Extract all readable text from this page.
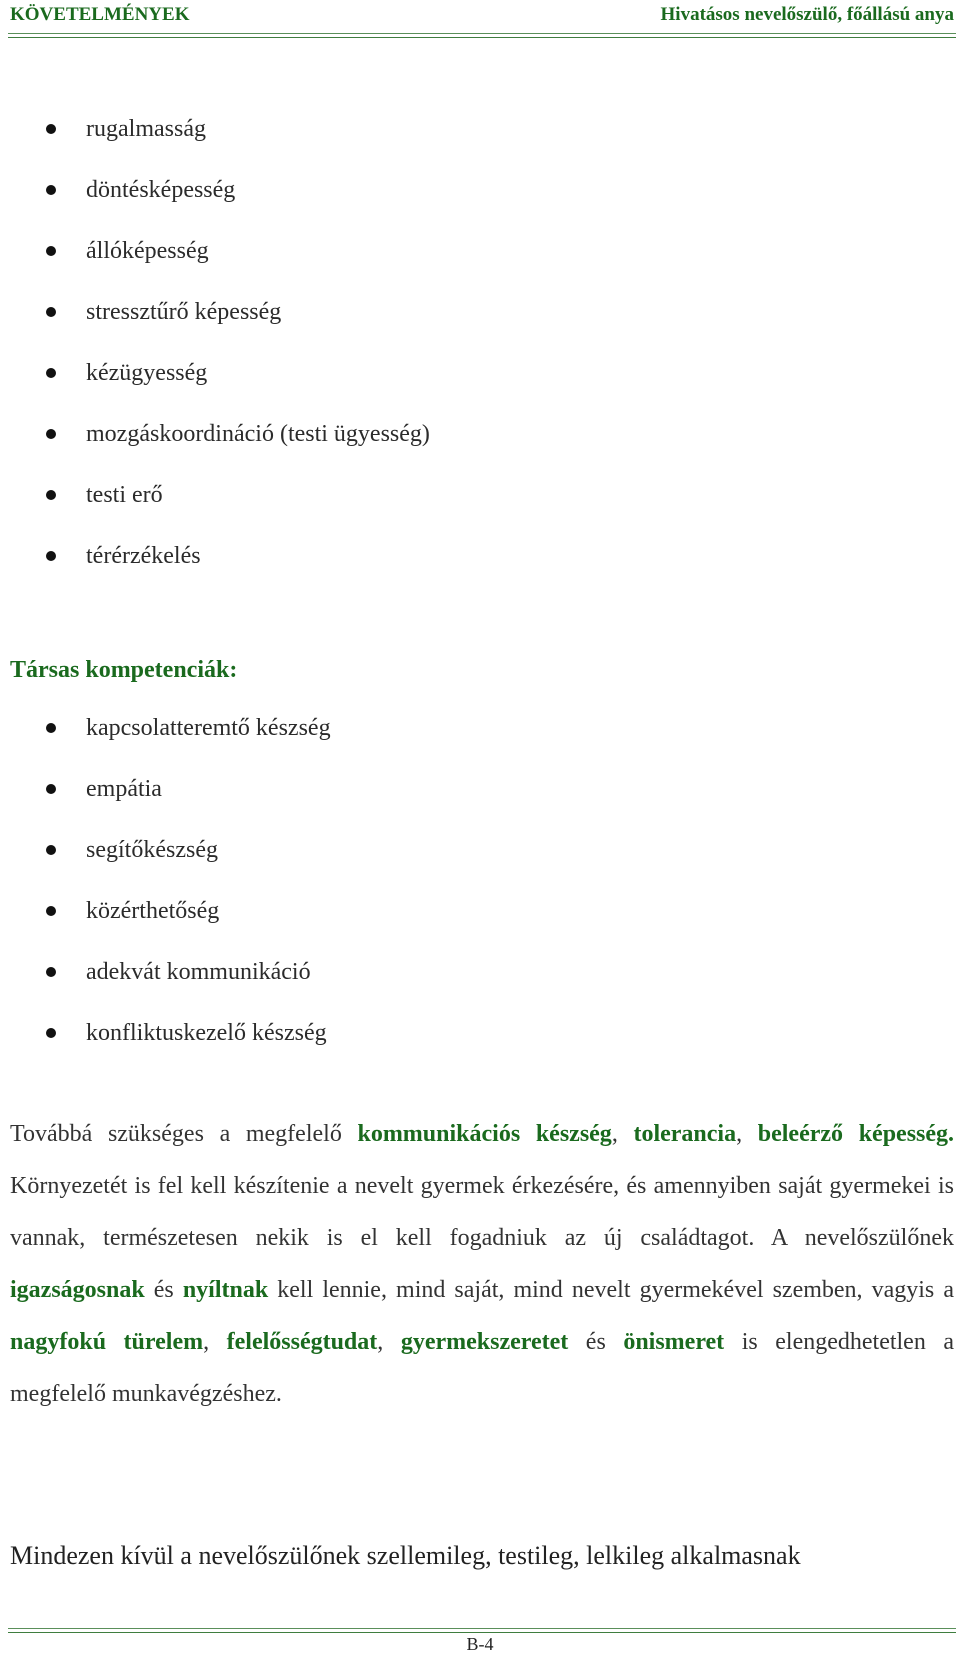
KÖVETELMÉNYEK	Hivatásos nevelőszülő, főállású anya
rugalmasság
döntésképesség
állóképesség
stressztűrő képesség
kézügyesség
mozgáskoordináció (testi ügyesség)
testi erő
térérzékelés
Társas kompetenciák:
kapcsolatteremtő készség
empátia
segítőkészség
közérthetőség
adekvát kommunikáció
konfliktuskezelő készség

Továbbá szükséges a megfelelő kommunikációs készség, tolerancia, beleérző képesség. Környezetét is fel kell készítenie a nevelt gyermek érkezésére, és amennyiben saját gyermekei is vannak, természetesen nekik is el kell fogadniuk az új családtagot. A nevelőszülőnek igazságosnak és nyíltnak kell lennie, mind saját, mind nevelt gyermekével szemben, vagyis a nagyfokú türelem, felelősségtudat, gyermekszeretet és önismeret is elengedhetetlen a megfelelő munkavégzéshez.

Mindezen kívül a nevelőszülőnek szellemileg, testileg, lelkileg alkalmasnak

B-4
